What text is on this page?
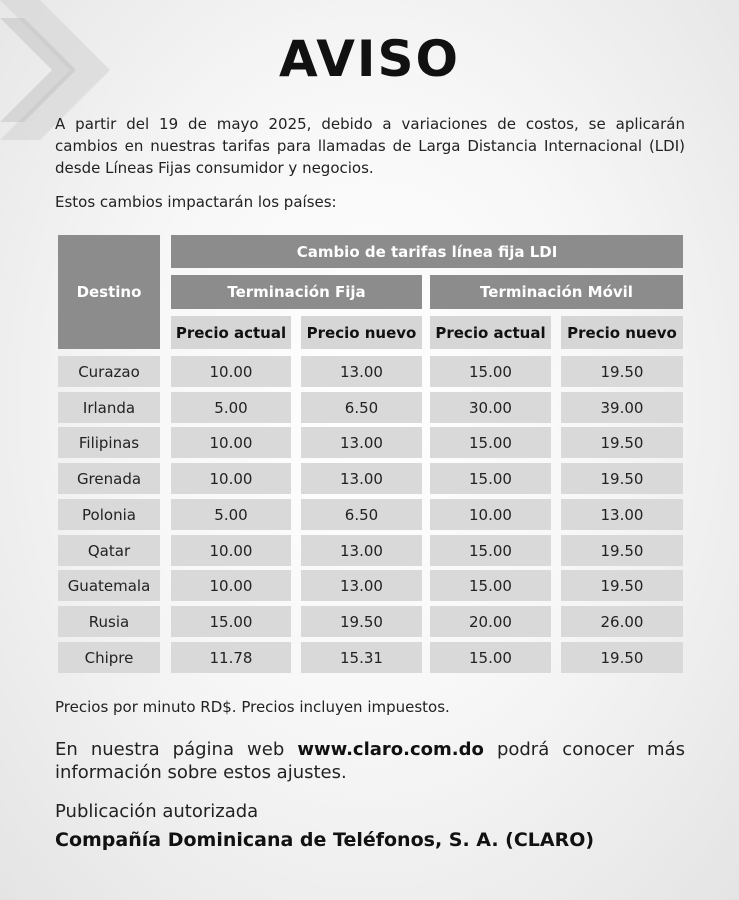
AVISO
A partir del 19 de mayo 2025, debido a variaciones de costos, se aplicarán cambios en nuestras tarifas para llamadas de Larga Distancia Internacional (LDI) desde Líneas Fijas consumidor y negocios.
Estos cambios impactarán los países:
Destino
Cambio de tarifas línea fija LDI
Terminación Fija	Terminación Móvil
Precio actual	Precio nuevo	Precio actual	Precio nuevo
Curazao	10.00	13.00	15.00	19.50
Irlanda	5.00	6.50	30.00	39.00
Filipinas	10.00	13.00	15.00	19.50
Grenada	10.00	13.00	15.00	19.50
Polonia	5.00	6.50	10.00	13.00
Qatar	10.00	13.00	15.00	19.50
Guatemala	10.00	13.00	15.00	19.50
Rusia	15.00	19.50	20.00	26.00
Chipre	11.78	15.31	15.00	19.50
Precios por minuto RD$. Precios incluyen impuestos.
En nuestra página web www.claro.com.do podrá conocer más información sobre estos ajustes.
Publicación autorizada
Compañía Dominicana de Teléfonos, S. A. (CLARO)
